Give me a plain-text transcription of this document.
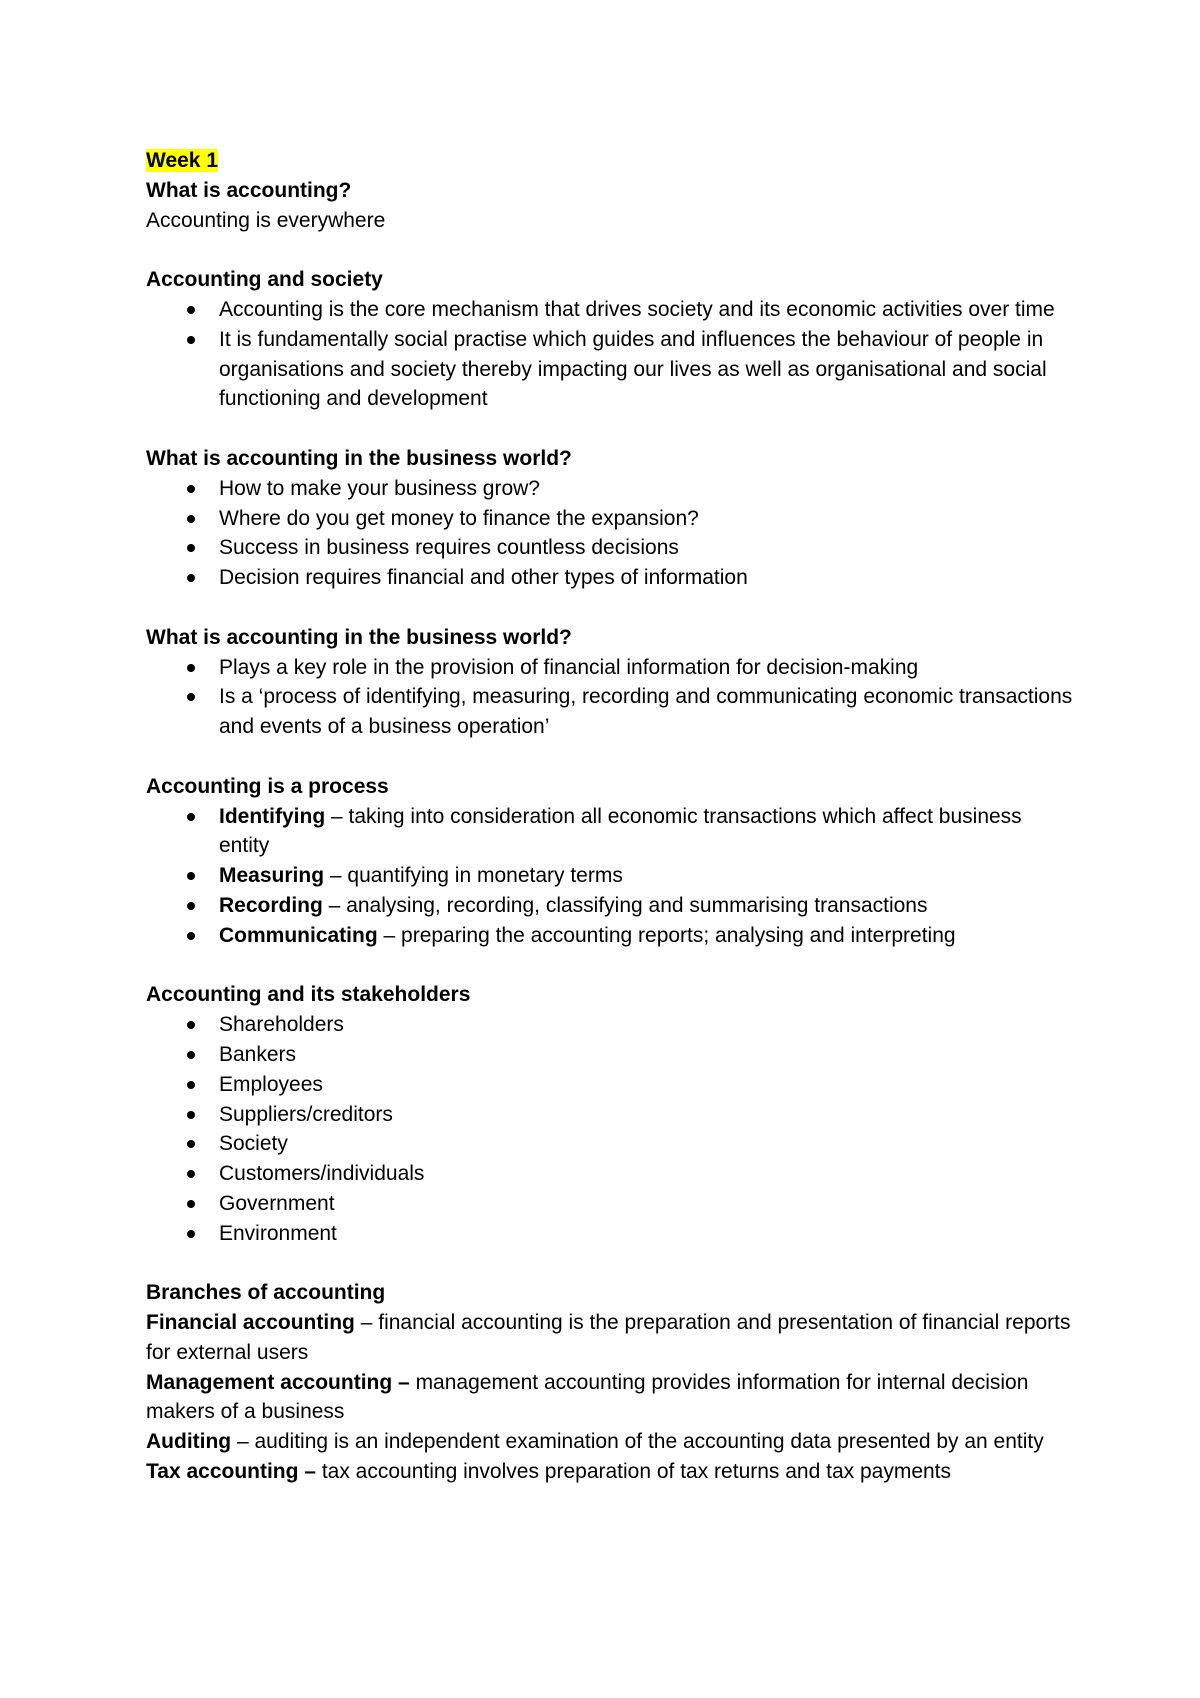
Week 1

What is accounting?

Accounting is everywhere

Accounting and society

Accounting is the core mechanism that drives society and its economic activities over time
It is fundamentally social practise which guides and influences the behaviour of people in organisations and society thereby impacting our lives as well as organisational and social functioning and development

What is accounting in the business world?

How to make your business grow?
Where do you get money to finance the expansion?
Success in business requires countless decisions
Decision requires financial and other types of information

What is accounting in the business world?

Plays a key role in the provision of financial information for decision-making
Is a ‘process of identifying, measuring, recording and communicating economic transactions and events of a business operation’

Accounting is a process

Identifying – taking into consideration all economic transactions which affect business entity
Measuring – quantifying in monetary terms
Recording – analysing, recording, classifying and summarising transactions
Communicating – preparing the accounting reports; analysing and interpreting

Accounting and its stakeholders

Shareholders
Bankers
Employees
Suppliers/creditors
Society
Customers/individuals
Government
Environment

Branches of accounting

Financial accounting – financial accounting is the preparation and presentation of financial reports for external users

Management accounting – management accounting provides information for internal decision makers of a business

Auditing – auditing is an independent examination of the accounting data presented by an entity

Tax accounting – tax accounting involves preparation of tax returns and tax payments
